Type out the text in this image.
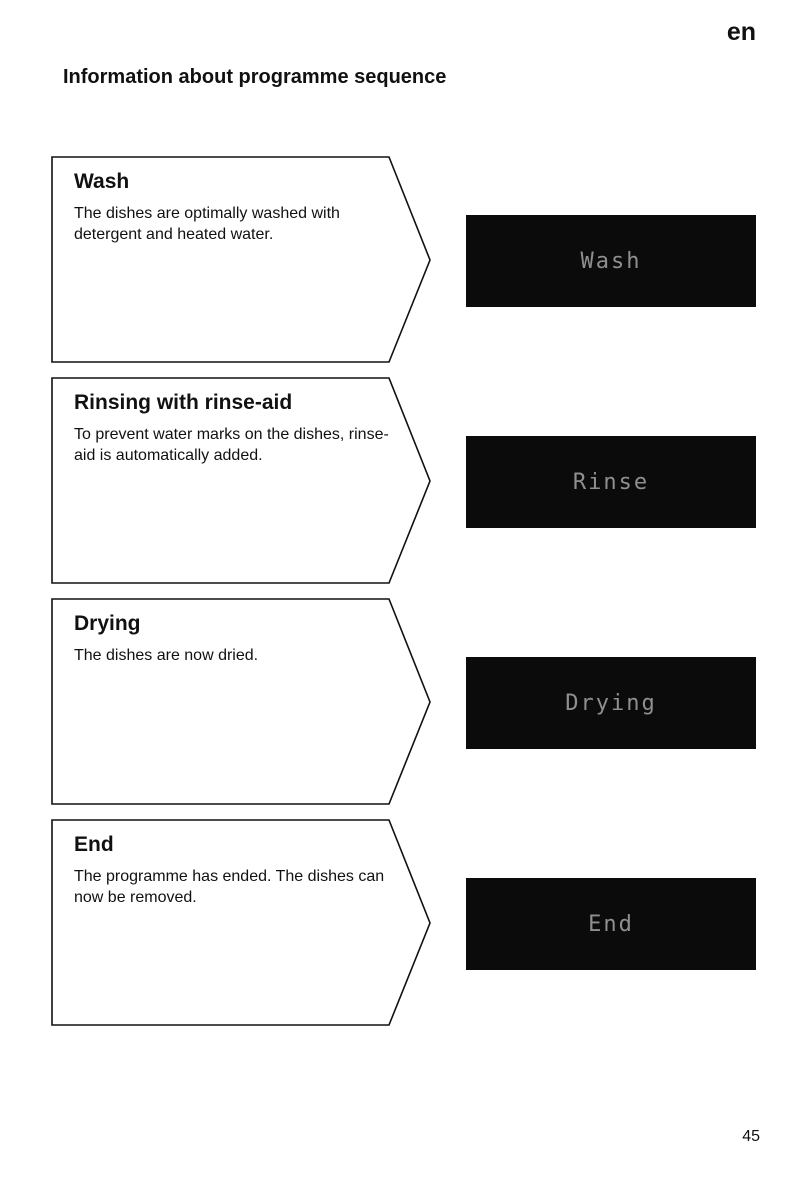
en
Information about programme sequence
Wash
The dishes are optimally washed with detergent and heated water.
Wash
Rinsing with rinse-aid
To prevent water marks on the dishes, rinse-aid is automatically added.
Rinse
Drying
The dishes are now dried.
Drying
End
The programme has ended. The dishes can now be removed.
End
45
